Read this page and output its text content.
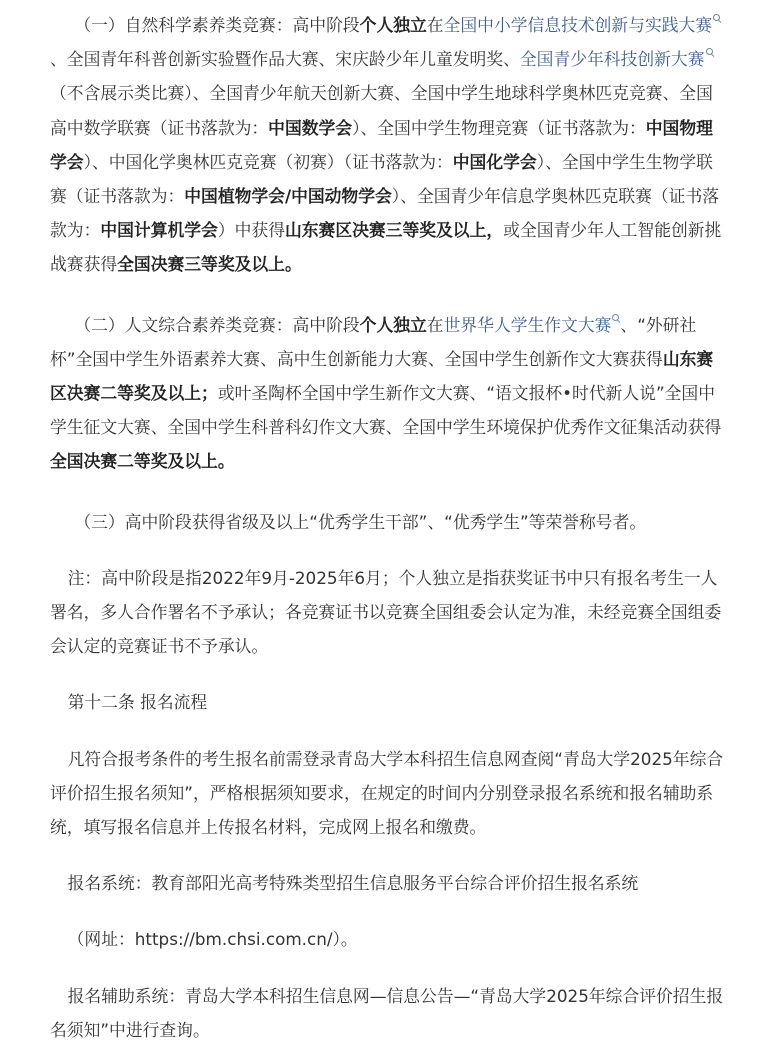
（一）自然科学素养类竞赛：高中阶段个人独立在全国中小学信息技术创新与实践大赛、全国青年科普创新实验暨作品大赛、宋庆龄少年儿童发明奖、全国青少年科技创新大赛（不含展示类比赛）、全国青少年航天创新大赛、全国中学生地球科学奥林匹克竞赛、全国高中数学联赛（证书落款为：中国数学会）、全国中学生物理竞赛（证书落款为：中国物理学会）、中国化学奥林匹克竞赛（初赛）（证书落款为：中国化学会）、全国中学生生物学联赛（证书落款为：中国植物学会/中国动物学会）、全国青少年信息学奥林匹克联赛（证书落款为：中国计算机学会）中获得山东赛区决赛三等奖及以上，或全国青少年人工智能创新挑战赛获得全国决赛三等奖及以上。

（二）人文综合素养类竞赛：高中阶段个人独立在世界华人学生作文大赛 、“外研社杯”全国中学生外语素养大赛、高中生创新能力大赛、全国中学生创新作文大赛获得山东赛区决赛二等奖及以上；或叶圣陶杯全国中学生新作文大赛、“语文报杯•时代新人说”全国中学生征文大赛、全国中学生科普科幻作文大赛、全国中学生环境保护优秀作文征集活动获得全国决赛二等奖及以上。

（三）高中阶段获得省级及以上“优秀学生干部”、“优秀学生”等荣誉称号者。

注：高中阶段是指2022年9月-2025年6月；个人独立是指获奖证书中只有报名考生一人署名，多人合作署名不予承认；各竞赛证书以竞赛全国组委会认定为准，未经竞赛全国组委会认定的竞赛证书不予承认。

第十二条 报名流程

凡符合报考条件的考生报名前需登录青岛大学本科招生信息网查阅“青岛大学2025年综合评价招生报名须知”，严格根据须知要求，在规定的时间内分别登录报名系统和报名辅助系统，填写报名信息并上传报名材料，完成网上报名和缴费。

报名系统：教育部阳光高考特殊类型招生信息服务平台综合评价招生报名系统

（网址：https://bm.chsi.com.cn/）。

报名辅助系统：青岛大学本科招生信息网—信息公告—“青岛大学2025年综合评价招生报名须知”中进行查询。
